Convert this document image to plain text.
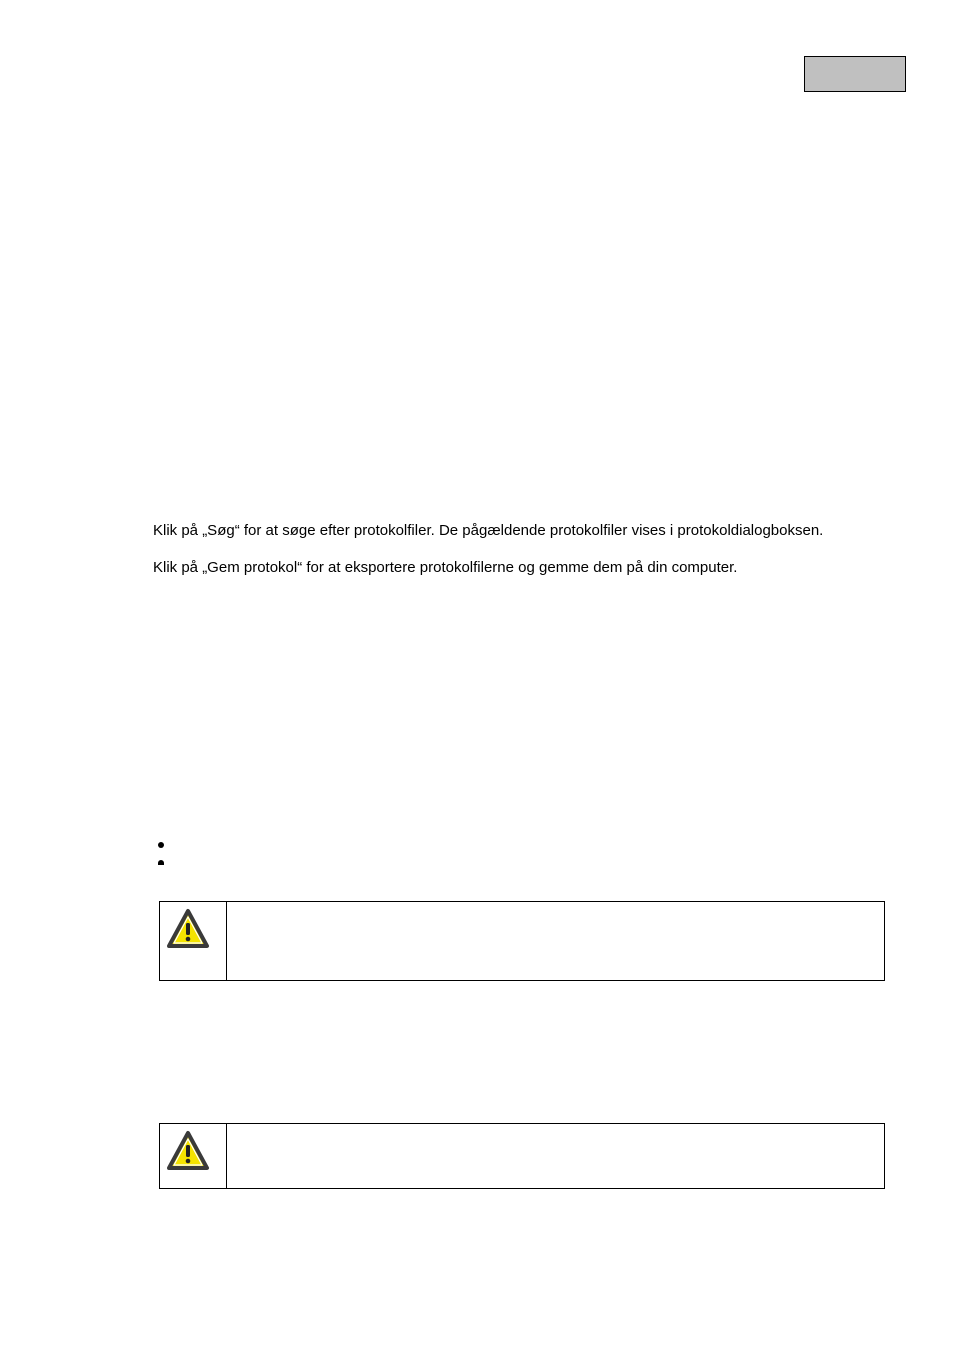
Klik på „Søg“ for at søge efter protokolfiler. De pågældende protokolfiler vises i protokoldialogboksen.
Klik på „Gem protokol“ for at eksportere protokolfilerne og gemme dem på din computer.
